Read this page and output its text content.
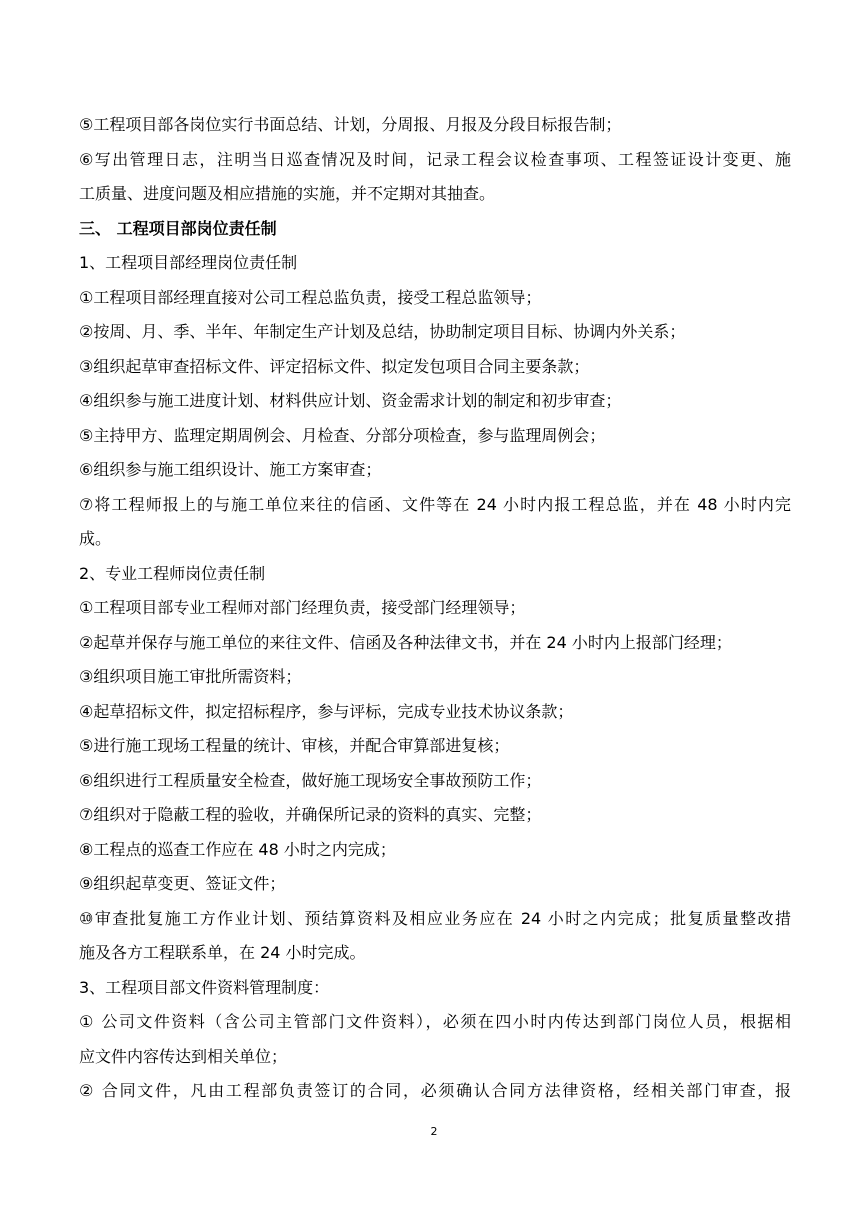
⑤工程项目部各岗位实行书面总结、计划，分周报、月报及分段目标报告制；
⑥写出管理日志，注明当日巡查情况及时间，记录工程会议检查事项、工程签证设计变更、施
工质量、进度问题及相应措施的实施，并不定期对其抽查。
三、 工程项目部岗位责任制
1、工程项目部经理岗位责任制
①工程项目部经理直接对公司工程总监负责，接受工程总监领导；
②按周、月、季、半年、年制定生产计划及总结，协助制定项目目标、协调内外关系；
③组织起草审查招标文件、评定招标文件、拟定发包项目合同主要条款；
④组织参与施工进度计划、材料供应计划、资金需求计划的制定和初步审查；
⑤主持甲方、监理定期周例会、月检查、分部分项检查，参与监理周例会；
⑥组织参与施工组织设计、施工方案审查；
⑦将工程师报上的与施工单位来往的信函、文件等在 24 小时内报工程总监，并在 48 小时内完
成。
2、专业工程师岗位责任制
①工程项目部专业工程师对部门经理负责，接受部门经理领导；
②起草并保存与施工单位的来往文件、信函及各种法律文书，并在 24 小时内上报部门经理；
③组织项目施工审批所需资料；
④起草招标文件，拟定招标程序，参与评标，完成专业技术协议条款；
⑤进行施工现场工程量的统计、审核，并配合审算部进复核；
⑥组织进行工程质量安全检查，做好施工现场安全事故预防工作；
⑦组织对于隐蔽工程的验收，并确保所记录的资料的真实、完整；
⑧工程点的巡查工作应在 48 小时之内完成；
⑨组织起草变更、签证文件；
⑩审查批复施工方作业计划、预结算资料及相应业务应在 24 小时之内完成；批复质量整改措
施及各方工程联系单，在 24 小时完成。
3、工程项目部文件资料管理制度：
① 公司文件资料（含公司主管部门文件资料），必须在四小时内传达到部门岗位人员，根据相
应文件内容传达到相关单位；
② 合同文件，凡由工程部负责签订的合同，必须确认合同方法律资格，经相关部门审查，报
2
